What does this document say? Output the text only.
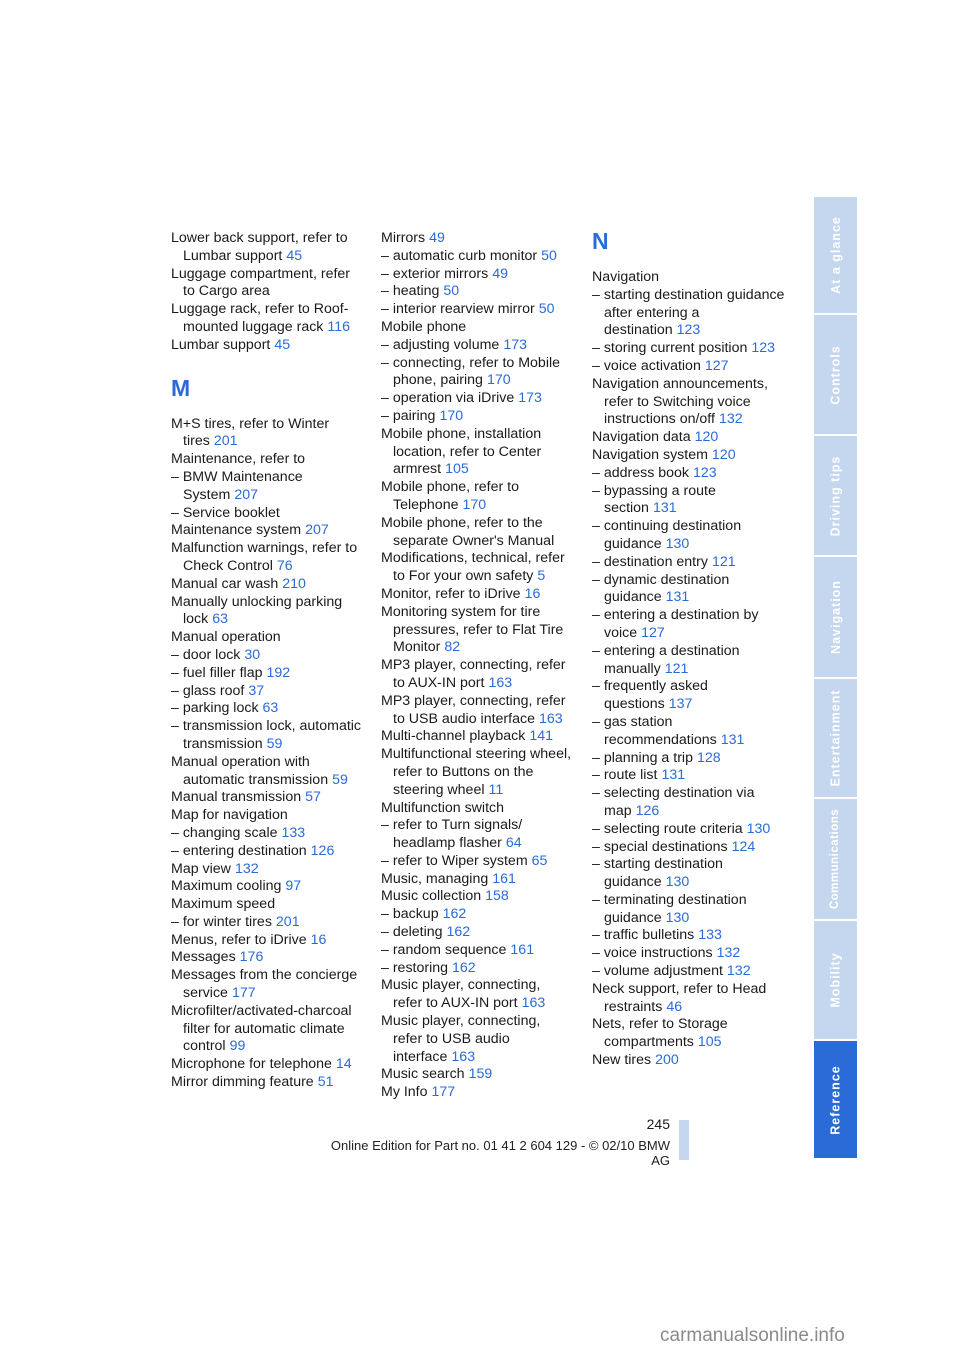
Lower back support, refer to Lumbar support 45
Luggage compartment, refer to Cargo area
Luggage rack, refer to Roof-mounted luggage rack 116
Lumbar support 45
M
M+S tires, refer to Winter tires 201
Maintenance, refer to
– BMW Maintenance System 207
– Service booklet
Maintenance system 207
Malfunction warnings, refer to Check Control 76
Manual car wash 210
Manually unlocking parking lock 63
Manual operation
– door lock 30
– fuel filler flap 192
– glass roof 37
– parking lock 63
– transmission lock, automatic transmission 59
Manual operation with automatic transmission 59
Manual transmission 57
Map for navigation
– changing scale 133
– entering destination 126
Map view 132
Maximum cooling 97
Maximum speed
– for winter tires 201
Menus, refer to iDrive 16
Messages 176
Messages from the concierge service 177
Microfilter/activated-charcoal filter for automatic climate control 99
Microphone for telephone 14
Mirror dimming feature 51
Mirrors 49
– automatic curb monitor 50
– exterior mirrors 49
– heating 50
– interior rearview mirror 50
Mobile phone
– adjusting volume 173
– connecting, refer to Mobile phone, pairing 170
– operation via iDrive 173
– pairing 170
Mobile phone, installation location, refer to Center armrest 105
Mobile phone, refer to Telephone 170
Mobile phone, refer to the separate Owner's Manual
Modifications, technical, refer to For your own safety 5
Monitor, refer to iDrive 16
Monitoring system for tire pressures, refer to Flat Tire Monitor 82
MP3 player, connecting, refer to AUX-IN port 163
MP3 player, connecting, refer to USB audio interface 163
Multi-channel playback 141
Multifunctional steering wheel, refer to Buttons on the steering wheel 11
Multifunction switch
– refer to Turn signals/ headlamp flasher 64
– refer to Wiper system 65
Music, managing 161
Music collection 158
– backup 162
– deleting 162
– random sequence 161
– restoring 162
Music player, connecting, refer to AUX-IN port 163
Music player, connecting, refer to USB audio interface 163
Music search 159
My Info 177
N
Navigation
– starting destination guidance after entering a destination 123
– storing current position 123
– voice activation 127
Navigation announcements, refer to Switching voice instructions on/off 132
Navigation data 120
Navigation system 120
– address book 123
– bypassing a route section 131
– continuing destination guidance 130
– destination entry 121
– dynamic destination guidance 131
– entering a destination by voice 127
– entering a destination manually 121
– frequently asked questions 137
– gas station recommendations 131
– planning a trip 128
– route list 131
– selecting destination via map 126
– selecting route criteria 130
– special destinations 124
– starting destination guidance 130
– terminating destination guidance 130
– traffic bulletins 133
– voice instructions 132
– volume adjustment 132
Neck support, refer to Head restraints 46
Nets, refer to Storage compartments 105
New tires 200
At a glance
Controls
Driving tips
Navigation
Entertainment
Communications
Mobility
Reference
245
Online Edition for Part no. 01 41 2 604 129 - © 02/10 BMW AG
carmanualsonline.info
